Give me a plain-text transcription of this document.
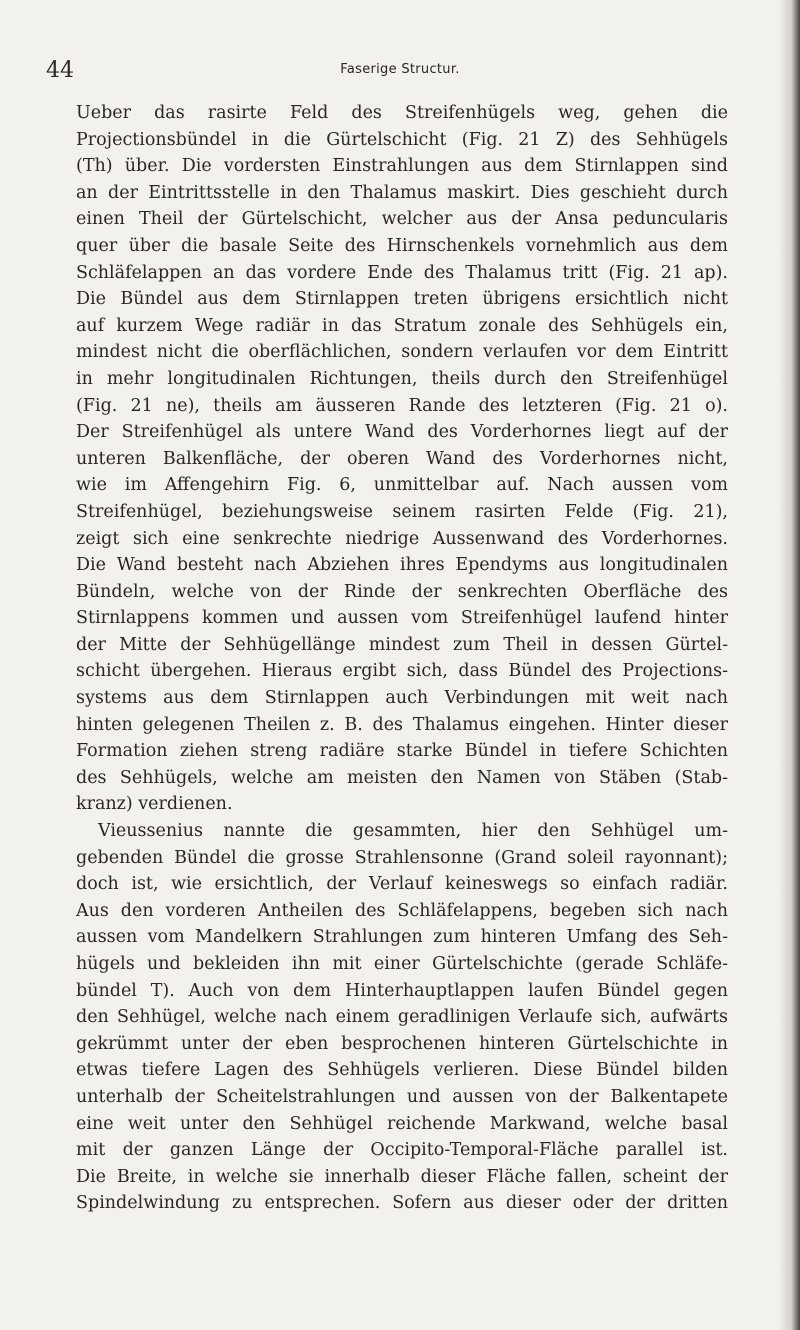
44	Faserige Structur.
Ueber das rasirte Feld des Streifenhügels weg, gehen die
Projectionsbündel in die Gürtelschicht (Fig. 21 Z) des Sehhügels
(Th) über. Die vordersten Einstrahlungen aus dem Stirnlappen sind
an der Eintrittsstelle in den Thalamus maskirt. Dies geschieht durch
einen Theil der Gürtelschicht, welcher aus der Ansa peduncularis
quer über die basale Seite des Hirnschenkels vornehmlich aus dem
Schläfelappen an das vordere Ende des Thalamus tritt (Fig. 21 ap).
Die Bündel aus dem Stirnlappen treten übrigens ersichtlich nicht
auf kurzem Wege radiär in das Stratum zonale des Sehhügels ein,
mindest nicht die oberflächlichen, sondern verlaufen vor dem Eintritt
in mehr longitudinalen Richtungen, theils durch den Streifenhügel
(Fig. 21 ne), theils am äusseren Rande des letzteren (Fig. 21 o).
Der Streifenhügel als untere Wand des Vorderhornes liegt auf der
unteren Balkenfläche, der oberen Wand des Vorderhornes nicht,
wie im Affengehirn Fig. 6, unmittelbar auf. Nach aussen vom
Streifenhügel, beziehungsweise seinem rasirten Felde (Fig. 21),
zeigt sich eine senkrechte niedrige Aussenwand des Vorderhornes.
Die Wand besteht nach Abziehen ihres Ependyms aus longitudinalen
Bündeln, welche von der Rinde der senkrechten Oberfläche des
Stirnlappens kommen und aussen vom Streifenhügel laufend hinter
der Mitte der Sehhügellänge mindest zum Theil in dessen Gürtel-
schicht übergehen. Hieraus ergibt sich, dass Bündel des Projections-
systems aus dem Stirnlappen auch Verbindungen mit weit nach
hinten gelegenen Theilen z. B. des Thalamus eingehen. Hinter dieser
Formation ziehen streng radiäre starke Bündel in tiefere Schichten
des Sehhügels, welche am meisten den Namen von Stäben (Stab-
kranz) verdienen.
Vieussenius nannte die gesammten, hier den Sehhügel um-
gebenden Bündel die grosse Strahlensonne (Grand soleil rayonnant);
doch ist, wie ersichtlich, der Verlauf keineswegs so einfach radiär.
Aus den vorderen Antheilen des Schläfelappens, begeben sich nach
aussen vom Mandelkern Strahlungen zum hinteren Umfang des Seh-
hügels und bekleiden ihn mit einer Gürtelschichte (gerade Schläfe-
bündel T). Auch von dem Hinterhauptlappen laufen Bündel gegen
den Sehhügel, welche nach einem geradlinigen Verlaufe sich, aufwärts
gekrümmt unter der eben besprochenen hinteren Gürtelschichte in
etwas tiefere Lagen des Sehhügels verlieren. Diese Bündel bilden
unterhalb der Scheitelstrahlungen und aussen von der Balkentapete
eine weit unter den Sehhügel reichende Markwand, welche basal
mit der ganzen Länge der Occipito-Temporal-Fläche parallel ist.
Die Breite, in welche sie innerhalb dieser Fläche fallen, scheint der
Spindelwindung zu entsprechen. Sofern aus dieser oder der dritten
